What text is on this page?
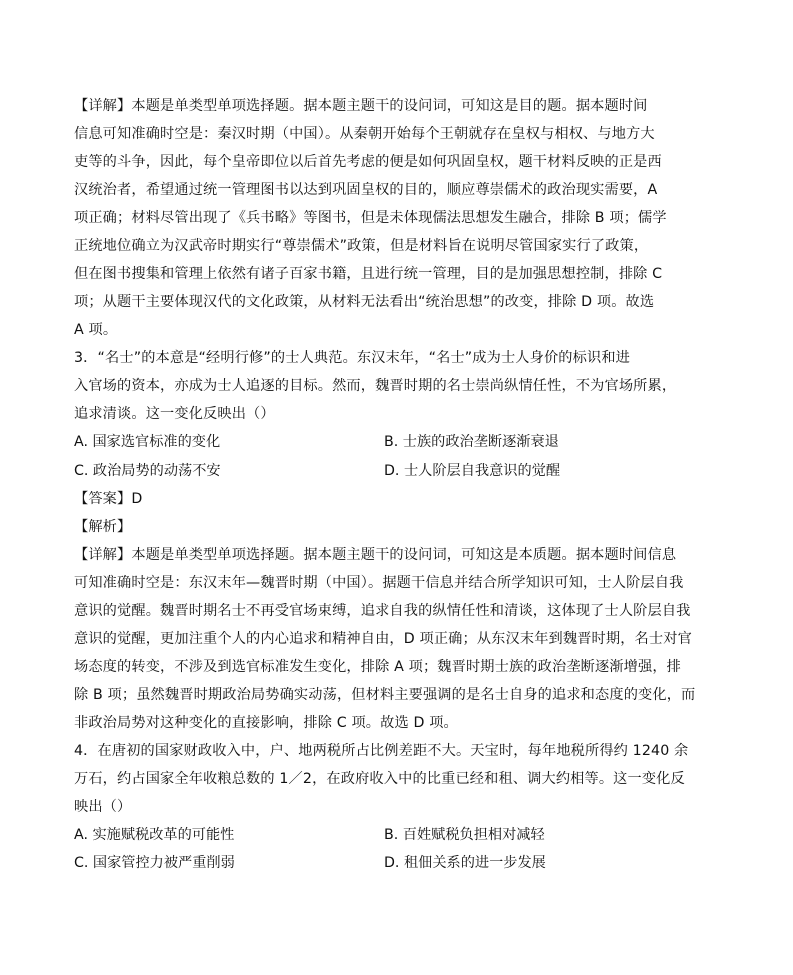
【详解】本题是单类型单项选择题。据本题主题干的设问词，可知这是目的题。据本题时间
信息可知准确时空是：秦汉时期（中国）。从秦朝开始每个王朝就存在皇权与相权、与地方大
吏等的斗争，因此，每个皇帝即位以后首先考虑的便是如何巩固皇权，题干材料反映的正是西
汉统治者，希望通过统一管理图书以达到巩固皇权的目的，顺应尊崇儒术的政治现实需要，A
项正确；材料尽管出现了《兵书略》等图书，但是未体现儒法思想发生融合，排除 B 项；儒学
正统地位确立为汉武帝时期实行“尊崇儒术”政策，但是材料旨在说明尽管国家实行了政策，
但在图书搜集和管理上依然有诸子百家书籍，且进行统一管理，目的是加强思想控制，排除 C
项；从题干主要体现汉代的文化政策，从材料无法看出“统治思想”的改变，排除 D 项。故选
A 项。
3．“名士”的本意是“经明行修”的士人典范。东汉末年，“名士”成为士人身价的标识和进
入官场的资本，亦成为士人追逐的目标。然而，魏晋时期的名士崇尚纵情任性，不为官场所累，
追求清谈。这一变化反映出（）
A. 国家选官标准的变化	B. 士族的政治垄断逐渐衰退
C. 政治局势的动荡不安	D. 士人阶层自我意识的觉醒
【答案】D
【解析】
【详解】本题是单类型单项选择题。据本题主题干的设问词，可知这是本质题。据本题时间信息
可知准确时空是：东汉末年—魏晋时期（中国）。据题干信息并结合所学知识可知，士人阶层自我
意识的觉醒。魏晋时期名士不再受官场束缚，追求自我的纵情任性和清谈，这体现了士人阶层自我
意识的觉醒，更加注重个人的内心追求和精神自由，D 项正确；从东汉末年到魏晋时期，名士对官
场态度的转变，不涉及到选官标准发生变化，排除 A 项；魏晋时期士族的政治垄断逐渐增强，排
除 B 项；虽然魏晋时期政治局势确实动荡，但材料主要强调的是名士自身的追求和态度的变化，而
非政治局势对这种变化的直接影响，排除 C 项。故选 D 项。
4．在唐初的国家财政收入中，户、地两税所占比例差距不大。天宝时，每年地税所得约 1240 余
万石，约占国家全年收粮总数的 1／2，在政府收入中的比重已经和租、调大约相等。这一变化反
映出（）
A. 实施赋税改革的可能性	B. 百姓赋税负担相对减轻
C. 国家管控力被严重削弱	D. 租佃关系的进一步发展
